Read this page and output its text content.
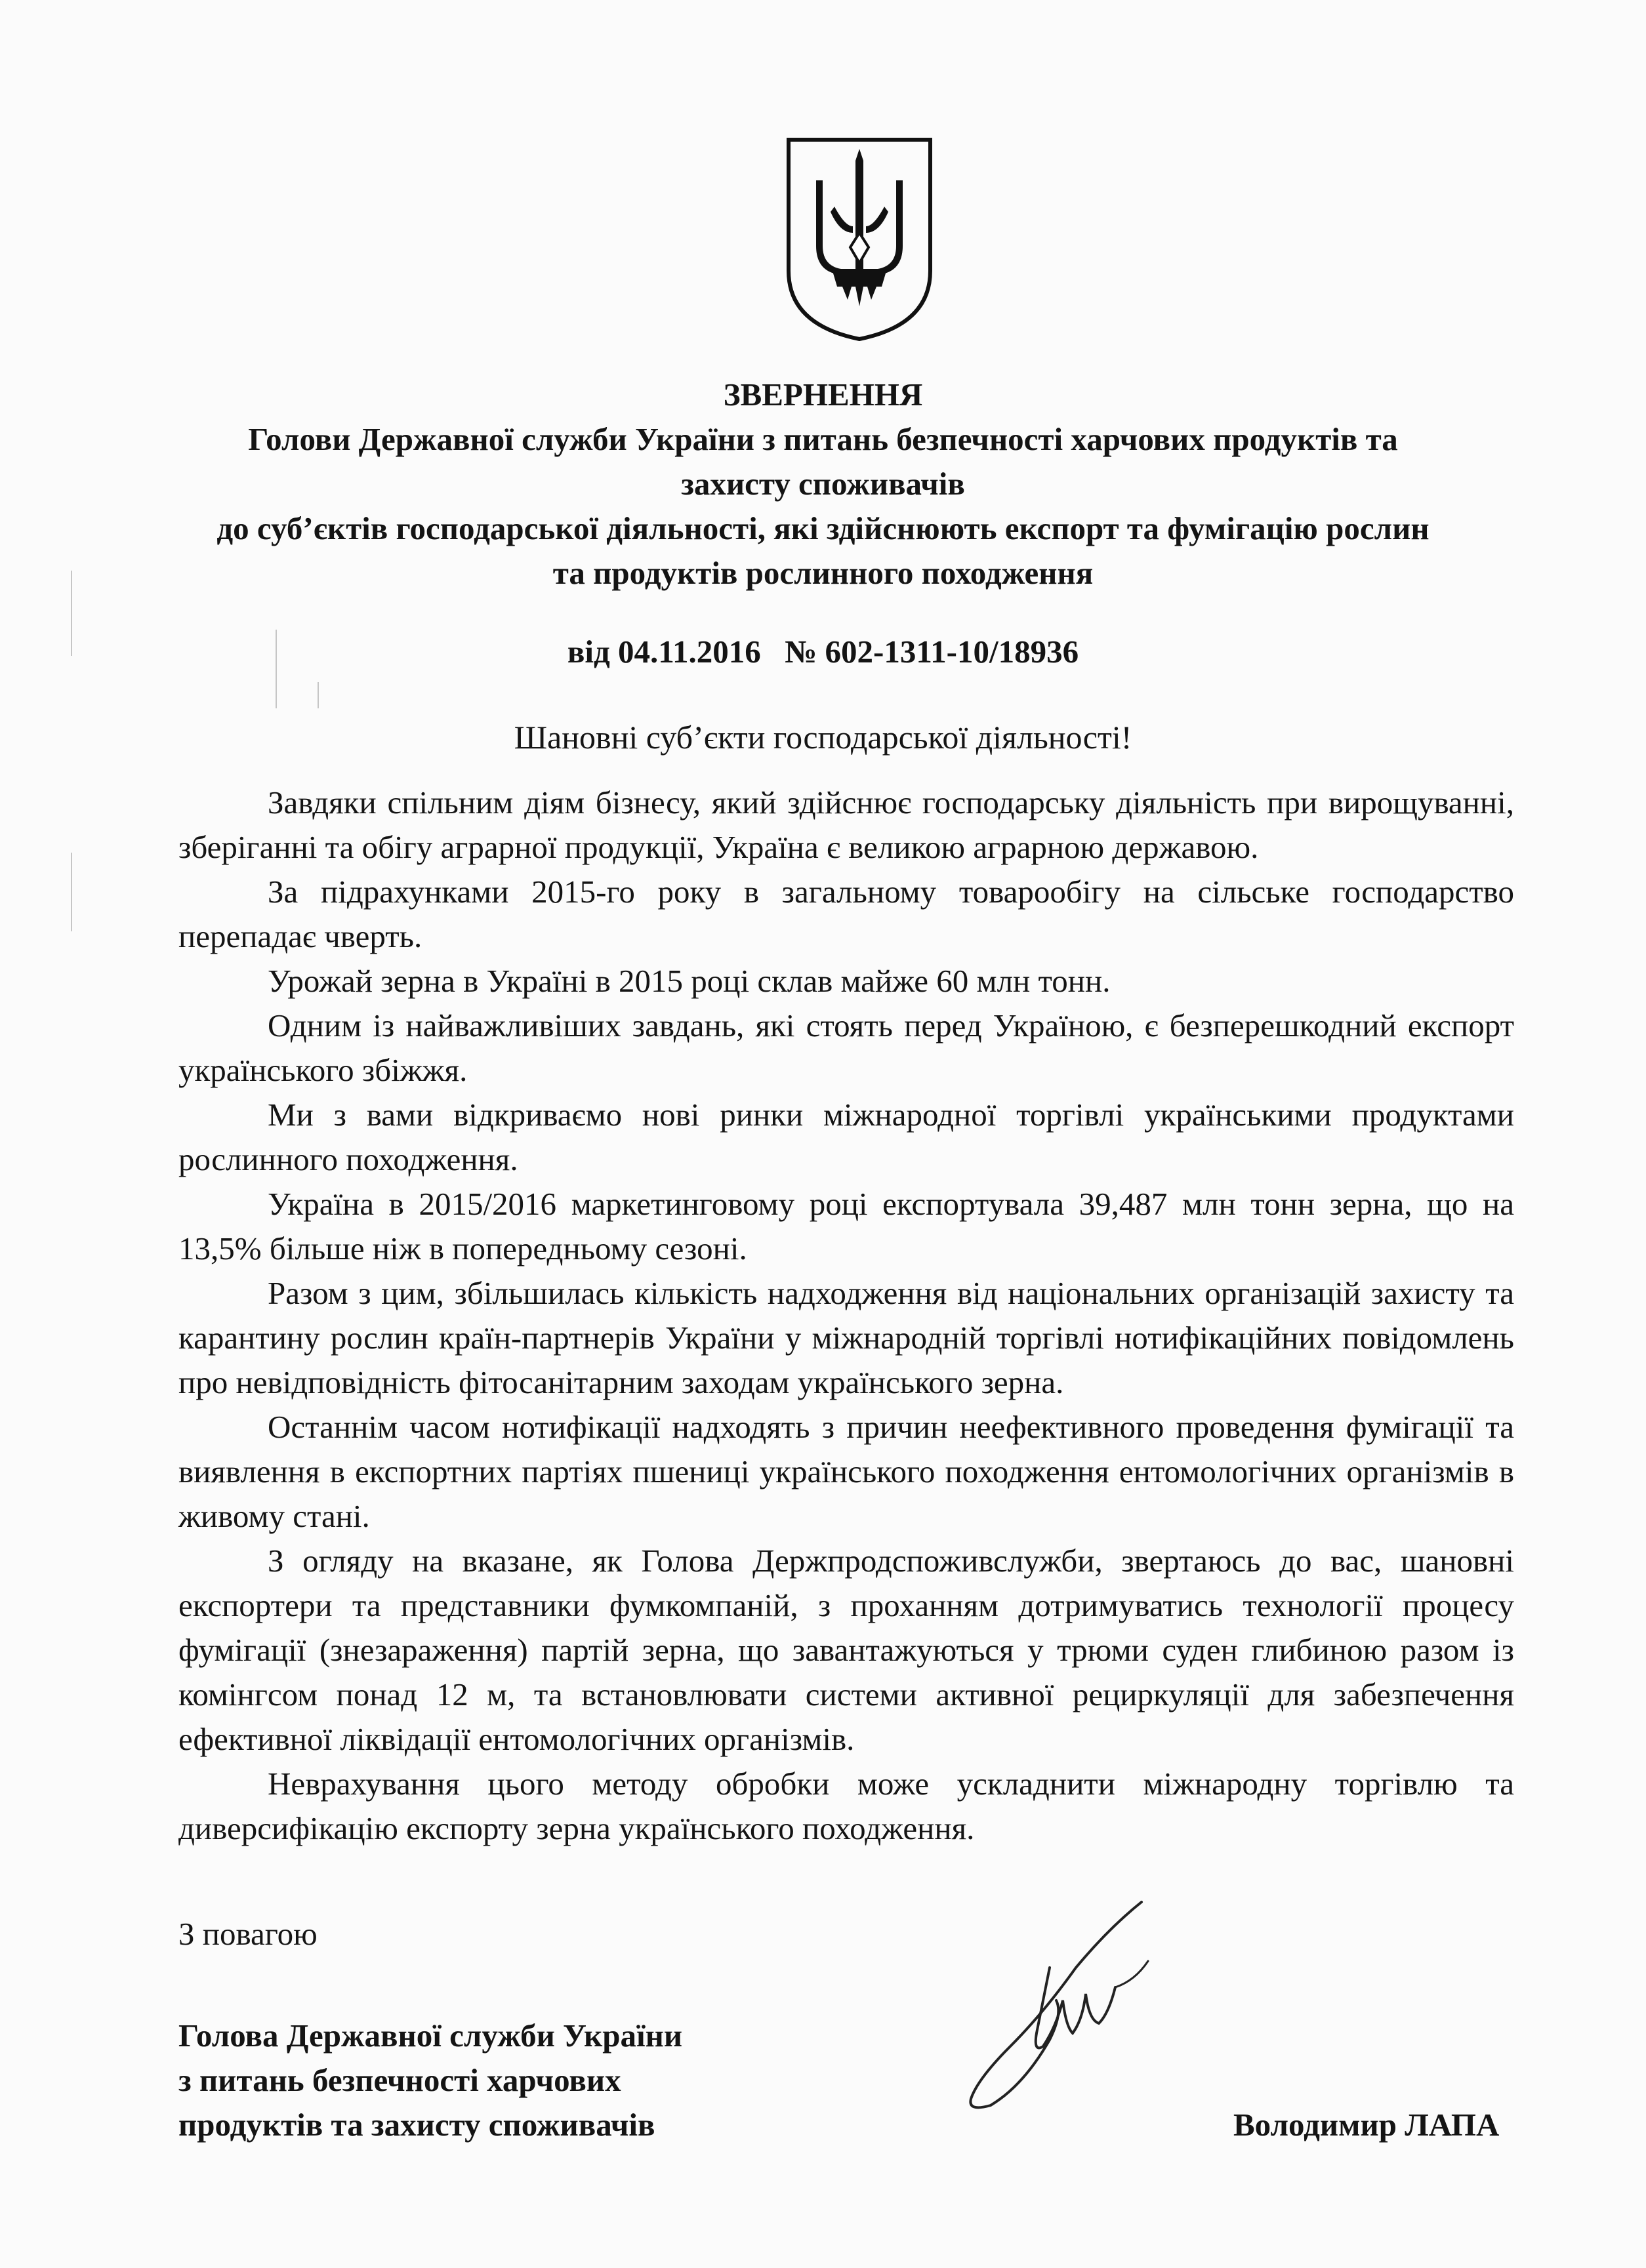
ЗВЕРНЕННЯ

Голови Державної служби України з питань безпечності харчових продуктів та

захисту споживачів

до суб’єктів господарської діяльності, які здійснюють експорт та фумігацію рослин

та продуктів рослинного походження

від 04.11.2016 № 602-1311-10/18936
Шановні суб’єкти господарської діяльності!

Завдяки спільним діям бізнесу, який здійснює господарську діяльність при вирощуванні, зберіганні та обігу аграрної продукції, Україна є великою аграрною державою.

За підрахунками 2015-го року в загальному товарообігу на сільське господарство перепадає чверть.

Урожай зерна в Україні в 2015 році склав майже 60 млн тонн.

Одним із найважливіших завдань, які стоять перед Україною, є безперешкодний експорт українського збіжжя.

Ми з вами відкриваємо нові ринки міжнародної торгівлі українськими продуктами рослинного походження.

Україна в 2015/2016 маркетинговому році експортувала 39,487 млн тонн зерна, що на 13,5% більше ніж в попередньому сезоні.

Разом з цим, збільшилась кількість надходження від національних організацій захисту та карантину рослин країн-партнерів України у міжнародній торгівлі нотифікаційних повідомлень про невідповідність фітосанітарним заходам українського зерна.

Останнім часом нотифікації надходять з причин неефективного проведення фумігації та виявлення в експортних партіях пшениці українського походження ентомологічних організмів в живому стані.

З огляду на вказане, як Голова Держпродспоживслужби, звертаюсь до вас, шановні експортери та представники фумкомпаній, з проханням дотримуватись технології процесу фумігації (знезараження) партій зерна, що завантажуються у трюми суден глибиною разом із комінгсом понад 12 м, та встановлювати системи активної рециркуляції для забезпечення ефективної ліквідації ентомологічних організмів.

Неврахування цього методу обробки може ускладнити міжнародну торгівлю та диверсифікацію експорту зерна українського походження.

З повагою

Голова Державної служби України

з питань безпечності харчових

продуктів та захисту споживачів	Володимир ЛАПА
